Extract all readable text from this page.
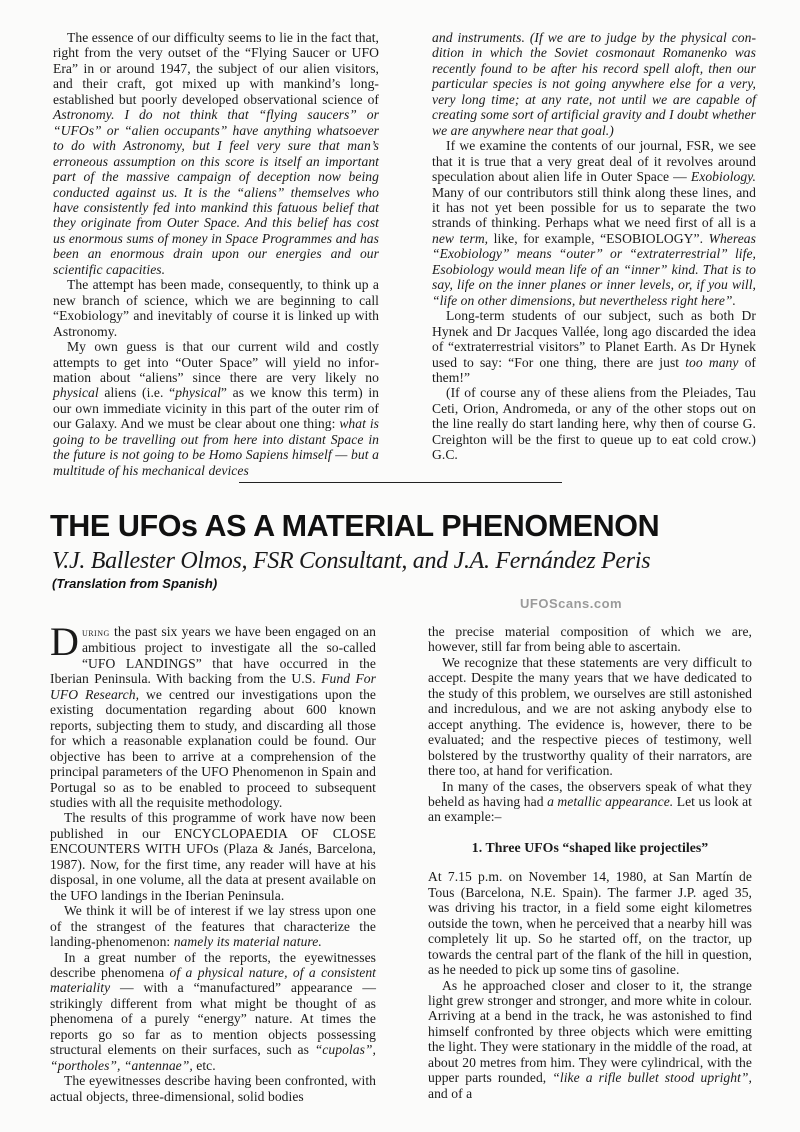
The essence of our difficulty seems to lie in the fact that, right from the very outset of the “Flying Saucer or UFO Era” in or around 1947, the subject of our alien visitors, and their craft, got mixed up with mankind’s long-established but poorly developed observational science of Astronomy. I do not think that “flying saucers” or “UFOs” or “alien occupants” have anything whatsoever to do with Astronomy, but I feel very sure that man’s erroneous assumption on this score is itself an important part of the massive campaign of deception now being conducted against us. It is the “aliens” themselves who have consistently fed into mankind this fatuous belief that they originate from Outer Space. And this belief has cost us enormous sums of money in Space Programmes and has been an enormous drain upon our energies and our scientific capacities.

The attempt has been made, consequently, to think up a new branch of science, which we are beginning to call “Exobiology” and inevitably of course it is linked up with Astronomy.

My own guess is that our current wild and costly attempts to get into “Outer Space” will yield no information about “aliens” since there are very likely no physical aliens (i.e. “physical” as we know this term) in our own immediate vicinity in this part of the outer rim of our Galaxy. And we must be clear about one thing: what is going to be travelling out from here into distant Space in the future is not going to be Homo Sapiens himself — but a multitude of his mechanical devices

and instruments. (If we are to judge by the physical condition in which the Soviet cosmonaut Romanenko was recently found to be after his record spell aloft, then our particular species is not going anywhere else for a very, very long time; at any rate, not until we are capable of creating some sort of artificial gravity and I doubt whether we are anywhere near that goal.)

If we examine the contents of our journal, FSR, we see that it is true that a very great deal of it revolves around speculation about alien life in Outer Space — Exobiology. Many of our contributors still think along these lines, and it has not yet been possible for us to separate the two strands of thinking. Perhaps what we need first of all is a new term, like, for example, “ESOBIOLOGY”. Whereas “Exobiology” means “outer” or “extraterrestrial” life, Esobiology would mean life of an “inner” kind. That is to say, life on the inner planes or inner levels, or, if you will, “life on other dimensions, but nevertheless right here”.

Long-term students of our subject, such as both Dr Hynek and Dr Jacques Vallée, long ago discarded the idea of “extraterrestrial visitors” to Planet Earth. As Dr Hynek used to say: “For one thing, there are just too many of them!”

(If of course any of these aliens from the Pleiades, Tau Ceti, Orion, Andromeda, or any of the other stops out on the line really do start landing here, why then of course G. Creighton will be the first to queue up to eat cold crow.) G.C.

THE UFOs AS A MATERIAL PHENOMENON

V.J. Ballester Olmos, FSR Consultant, and J.A. Fernández Peris

(Translation from Spanish)

UFOScans.com

During the past six years we have been engaged on an ambitious project to investigate all the so-called “UFO LANDINGS” that have occurred in the Iberian Peninsula. With backing from the U.S. Fund For UFO Research, we centred our investigations upon the existing documentation regarding about 600 known reports, subjecting them to study, and discarding all those for which a reasonable explanation could be found. Our objective has been to arrive at a comprehension of the principal parameters of the UFO Phenomenon in Spain and Portugal so as to be enabled to proceed to subsequent studies with all the requisite methodology.

The results of this programme of work have now been published in our ENCYCLOPAEDIA OF CLOSE ENCOUNTERS WITH UFOs (Plaza & Janés, Barcelona, 1987). Now, for the first time, any reader will have at his disposal, in one volume, all the data at present available on the UFO landings in the Iberian Peninsula.

We think it will be of interest if we lay stress upon one of the strangest of the features that characterize the landing-phenomenon: namely its material nature.

In a great number of the reports, the eyewitnesses describe phenomena of a physical nature, of a consistent materiality — with a “manufactured” appearance — strikingly different from what might be thought of as phenomena of a purely “energy” nature. At times the reports go so far as to mention objects possessing structural elements on their surfaces, such as “cupolas”, “portholes”, “antennae”, etc.

The eyewitnesses describe having been confronted, with actual objects, three-dimensional, solid bodies

the precise material composition of which we are, however, still far from being able to ascertain.

We recognize that these statements are very difficult to accept. Despite the many years that we have dedicated to the study of this problem, we ourselves are still astonished and incredulous, and we are not asking anybody else to accept anything. The evidence is, however, there to be evaluated; and the respective pieces of testimony, well bolstered by the trustworthy quality of their narrators, are there too, at hand for verification.

In many of the cases, the observers speak of what they beheld as having had a metallic appearance. Let us look at an example:–

1. Three UFOs “shaped like projectiles”

At 7.15 p.m. on November 14, 1980, at San Martín de Tous (Barcelona, N.E. Spain). The farmer J.P. aged 35, was driving his tractor, in a field some eight kilometres outside the town, when he perceived that a nearby hill was completely lit up. So he started off, on the tractor, up towards the central part of the flank of the hill in question, as he needed to pick up some tins of gasoline.

As he approached closer and closer to it, the strange light grew stronger and stronger, and more white in colour. Arriving at a bend in the track, he was astonished to find himself confronted by three objects which were emitting the light. They were stationary in the middle of the road, at about 20 metres from him. They were cylindrical, with the upper parts rounded, “like a rifle bullet stood upright”, and of a
